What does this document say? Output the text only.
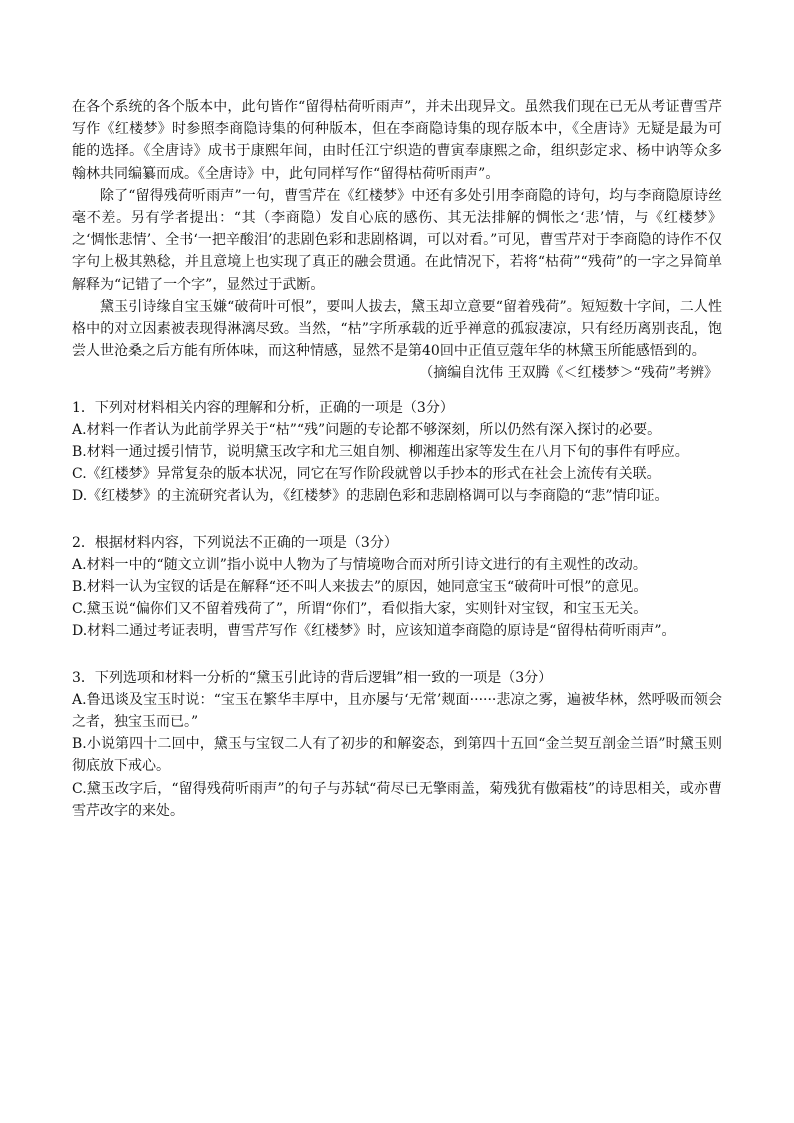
在各个系统的各个版本中，此句皆作“留得枯荷听雨声”，并未出现异文。虽然我们现在已无从考证曹雪芹写作《红楼梦》时参照李商隐诗集的何种版本，但在李商隐诗集的现存版本中，《全唐诗》无疑是最为可能的选择。《全唐诗》成书于康熙年间，由时任江宁织造的曹寅奉康熙之命，组织彭定求、杨中讷等众多翰林共同编纂而成。《全唐诗》中，此句同样写作“留得枯荷听雨声”。

除了“留得残荷听雨声”一句，曹雪芹在《红楼梦》中还有多处引用李商隐的诗句，均与李商隐原诗丝毫不差。另有学者提出：“其（李商隐）发自心底的感伤、其无法排解的惆怅之‘悲’情，与《红楼梦》之‘惆怅悲情’、全书‘一把辛酸泪’的悲剧色彩和悲剧格调，可以对看。”可见，曹雪芹对于李商隐的诗作不仅字句上极其熟稔，并且意境上也实现了真正的融会贯通。在此情况下，若将“枯荷”“残荷”的一字之异简单解释为“记错了一个字”，显然过于武断。

黛玉引诗缘自宝玉嫌“破荷叶可恨”，要叫人拔去，黛玉却立意要“留着残荷”。短短数十字间，二人性格中的对立因素被表现得淋漓尽致。当然，“枯”字所承载的近乎禅意的孤寂凄凉，只有经历离别丧乱，饱尝人世沧桑之后方能有所体味，而这种情感，显然不是第40回中正值豆蔻年华的林黛玉所能感悟到的。

（摘编自沈伟 王双腾《＜红楼梦＞“残荷”考辨》

1．下列对材料相关内容的理解和分析，正确的一项是（3分）

A.材料一作者认为此前学界关于“枯”“残”问题的专论都不够深刻，所以仍然有深入探讨的必要。

B.材料一通过援引情节，说明黛玉改字和尤三姐自刎、柳湘莲出家等发生在八月下旬的事件有呼应。

C.《红楼梦》异常复杂的版本状况，同它在写作阶段就曾以手抄本的形式在社会上流传有关联。

D.《红楼梦》的主流研究者认为，《红楼梦》的悲剧色彩和悲剧格调可以与李商隐的“悲”情印证。

2．根据材料内容，下列说法不正确的一项是（3分）

A.材料一中的“随文立训”指小说中人物为了与情境吻合而对所引诗文进行的有主观性的改动。

B.材料一认为宝钗的话是在解释“还不叫人来拔去”的原因，她同意宝玉“破荷叶可恨”的意见。

C.黛玉说“偏你们又不留着残荷了”，所谓“你们”，看似指大家，实则针对宝钗，和宝玉无关。

D.材料二通过考证表明，曹雪芹写作《红楼梦》时，应该知道李商隐的原诗是“留得枯荷听雨声”。

3．下列选项和材料一分析的“黛玉引此诗的背后逻辑”相一致的一项是（3分）

A.鲁迅谈及宝玉时说：“宝玉在繁华丰厚中，且亦屡与‘无常’觌面······悲凉之雾，遍被华林，然呼吸而领会之者，独宝玉而已。”

B.小说第四十二回中，黛玉与宝钗二人有了初步的和解姿态，到第四十五回“金兰契互剖金兰语”时黛玉则彻底放下戒心。

C.黛玉改字后，“留得残荷听雨声”的句子与苏轼“荷尽已无擎雨盖，菊残犹有傲霜枝”的诗思相关，或亦曹雪芹改字的来处。
